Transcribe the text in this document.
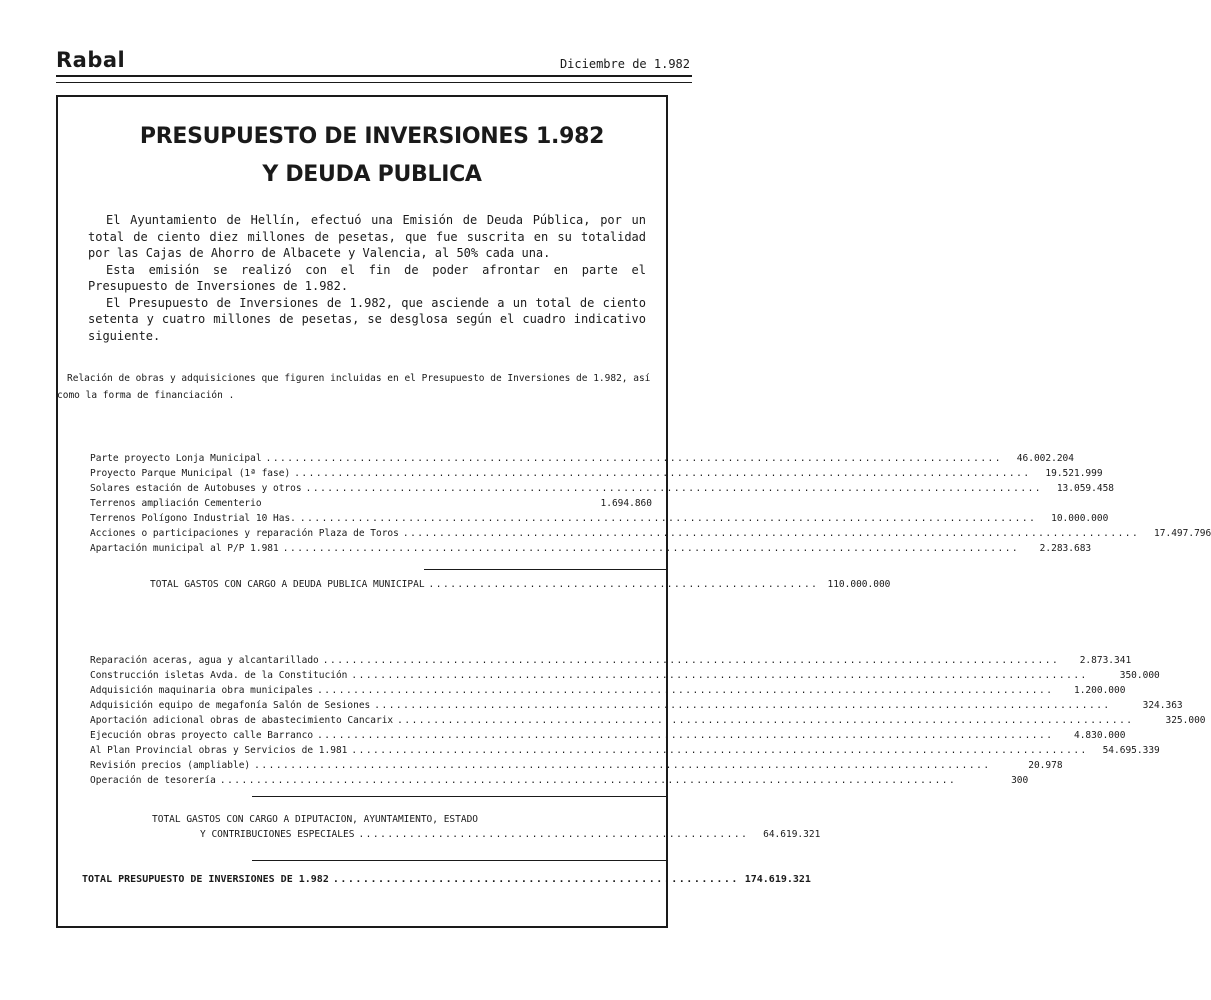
Rabal	Diciembre de 1.982
PRESUPUESTO DE INVERSIONES 1.982
Y DEUDA PUBLICA

El Ayuntamiento de Hellín, efectuó una Emisión de Deuda Pública, por un total de ciento diez millones de pesetas, que fue suscrita en su totalidad por las Cajas de Ahorro de Albacete y Valencia, al 50% cada una.

Esta emisión se realizó con el fin de poder afrontar en parte el Presupuesto de Inversiones de 1.982.

El Presupuesto de Inversiones de 1.982, que asciende a un total de ciento setenta y cuatro millones de pesetas, se desglosa según el cuadro indicativo siguiente.

Relación de obras y adquisiciones que figuren incluidas en el Presupuesto de Inversiones de 1.982, así
como la forma de financiación .
Parte proyecto Lonja Municipal ......................................................................................................	46.002.204
Proyecto Parque Municipal (1ª fase) ......................................................................................................	19.521.999
Solares estación de Autobuses y otros ......................................................................................................	13.059.458
Terrenos ampliación Cementerio	1.694.860
Terrenos Polígono Industrial 10 Has. ......................................................................................................	10.000.000
Acciones o participaciones y reparación Plaza de Toros ......................................................................................................	17.497.796
Apartación municipal al P/P 1.981 ......................................................................................................	2.283.683
TOTAL GASTOS CON CARGO A DEUDA PUBLICA MUNICIPAL ...................................................... 110.000.000
Reparación aceras, agua y alcantarillado ......................................................................................................	2.873.341
Construcción isletas Avda. de la Constitución ......................................................................................................	350.000
Adquisición maquinaria obra municipales ......................................................................................................	1.200.000
Adquisición equipo de megafonía Salón de Sesiones ......................................................................................................	324.363
Aportación adicional obras de abastecimiento Cancarix ......................................................................................................	325.000
Ejecución obras proyecto calle Barranco ......................................................................................................	4.830.000
Al Plan Provincial obras y Servicios de 1.981 ......................................................................................................	54.695.339
Revisión precios (ampliable) ......................................................................................................	20.978
Operación de tesorería ......................................................................................................	300
TOTAL GASTOS CON CARGO A DIPUTACION, AYUNTAMIENTO, ESTADO
Y CONTRIBUCIONES ESPECIALES ......................................................	64.619.321
TOTAL PRESUPUESTO DE INVERSIONES DE 1.982 ...................................................... 174.619.321
